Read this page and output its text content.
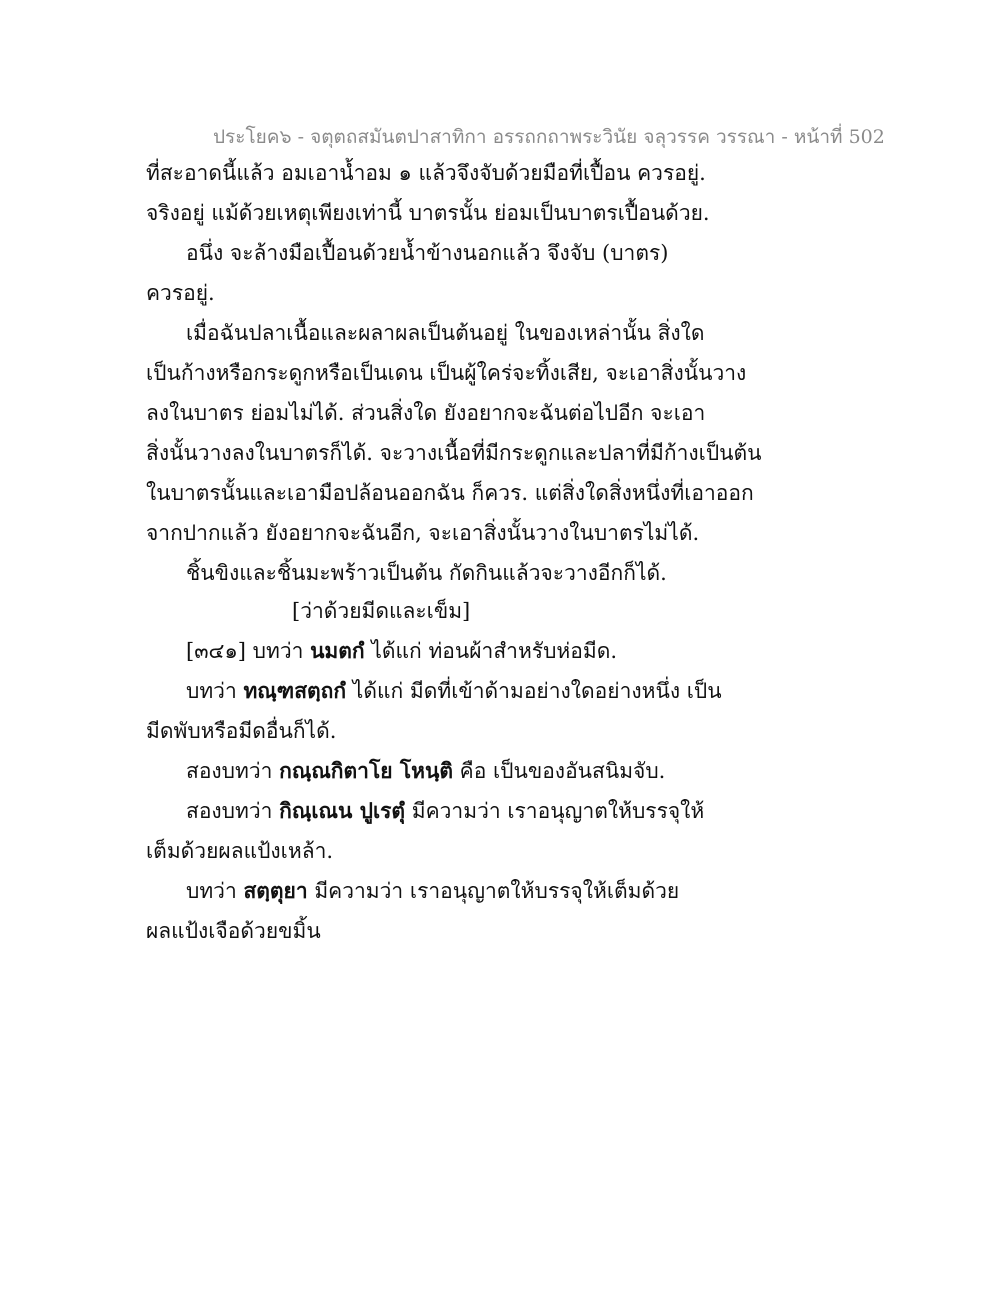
ประโยค๖ - จตุตถสมันตปาสาทิกา อรรถกถาพระวินัย จลุวรรค วรรณา - หน้าที่ 502
ที่สะอาดนี้แล้ว อมเอาน้ำอม ๑ แล้วจึงจับด้วยมือที่เปื้อน ควรอยู่.
จริงอยู่ แม้ด้วยเหตุเพียงเท่านี้ บาตรนั้น ย่อมเป็นบาตรเปื้อนด้วย.
อนึ่ง จะล้างมือเปื้อนด้วยน้ำข้างนอกแล้ว จึงจับ (บาตร)
ควรอยู่.
เมื่อฉันปลาเนื้อและผลาผลเป็นต้นอยู่ ในของเหล่านั้น สิ่งใด
เป็นก้างหรือกระดูกหรือเป็นเดน เป็นผู้ใคร่จะทิ้งเสีย, จะเอาสิ่งนั้นวาง
ลงในบาตร ย่อมไม่ได้. ส่วนสิ่งใด ยังอยากจะฉันต่อไปอีก จะเอา
สิ่งนั้นวางลงในบาตรก็ได้. จะวางเนื้อที่มีกระดูกและปลาที่มีก้างเป็นต้น
ในบาตรนั้นและเอามือปล้อนออกฉัน ก็ควร. แต่สิ่งใดสิ่งหนึ่งที่เอาออก
จากปากแล้ว ยังอยากจะฉันอีก, จะเอาสิ่งนั้นวางในบาตรไม่ได้.
ชิ้นขิงและชิ้นมะพร้าวเป็นต้น กัดกินแล้วจะวางอีกก็ได้.
[ว่าด้วยมีดและเข็ม]
[๓๔๑] บทว่า นมตกํ ได้แก่ ท่อนผ้าสำหรับห่อมีด.
บทว่า ทณฺฑสตฺถกํ ได้แก่ มีดที่เข้าด้ามอย่างใดอย่างหนึ่ง เป็น
มีดพับหรือมีดอื่นก็ได้.
สองบทว่า กณฺณกิตาโย โหนฺติ คือ เป็นของอันสนิมจับ.
สองบทว่า กิณฺเณน ปูเรตุํ มีความว่า เราอนุญาตให้บรรจุให้
เต็มด้วยผลแป้งเหล้า.
บทว่า สตฺตุยา มีความว่า เราอนุญาตให้บรรจุให้เต็มด้วย
ผลแป้งเจือด้วยขมิ้น
